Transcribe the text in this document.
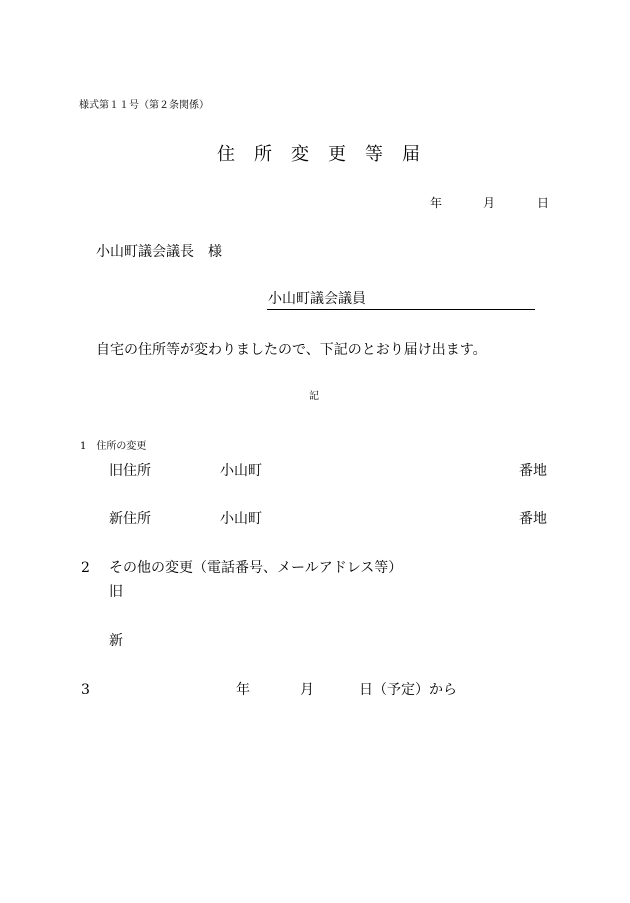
様式第１１号（第２条関係）
住所変更等届
年	月	日
小山町議会議長　様
小山町議会議員
自宅の住所等が変わりましたので、下記のとおり届け出ます。
記
1　住所の変更
旧住所	小山町	番地
新住所	小山町	番地
2 その他の変更（電話番号、メールアドレス等）
旧
新
3	年	月	日（予定）から
